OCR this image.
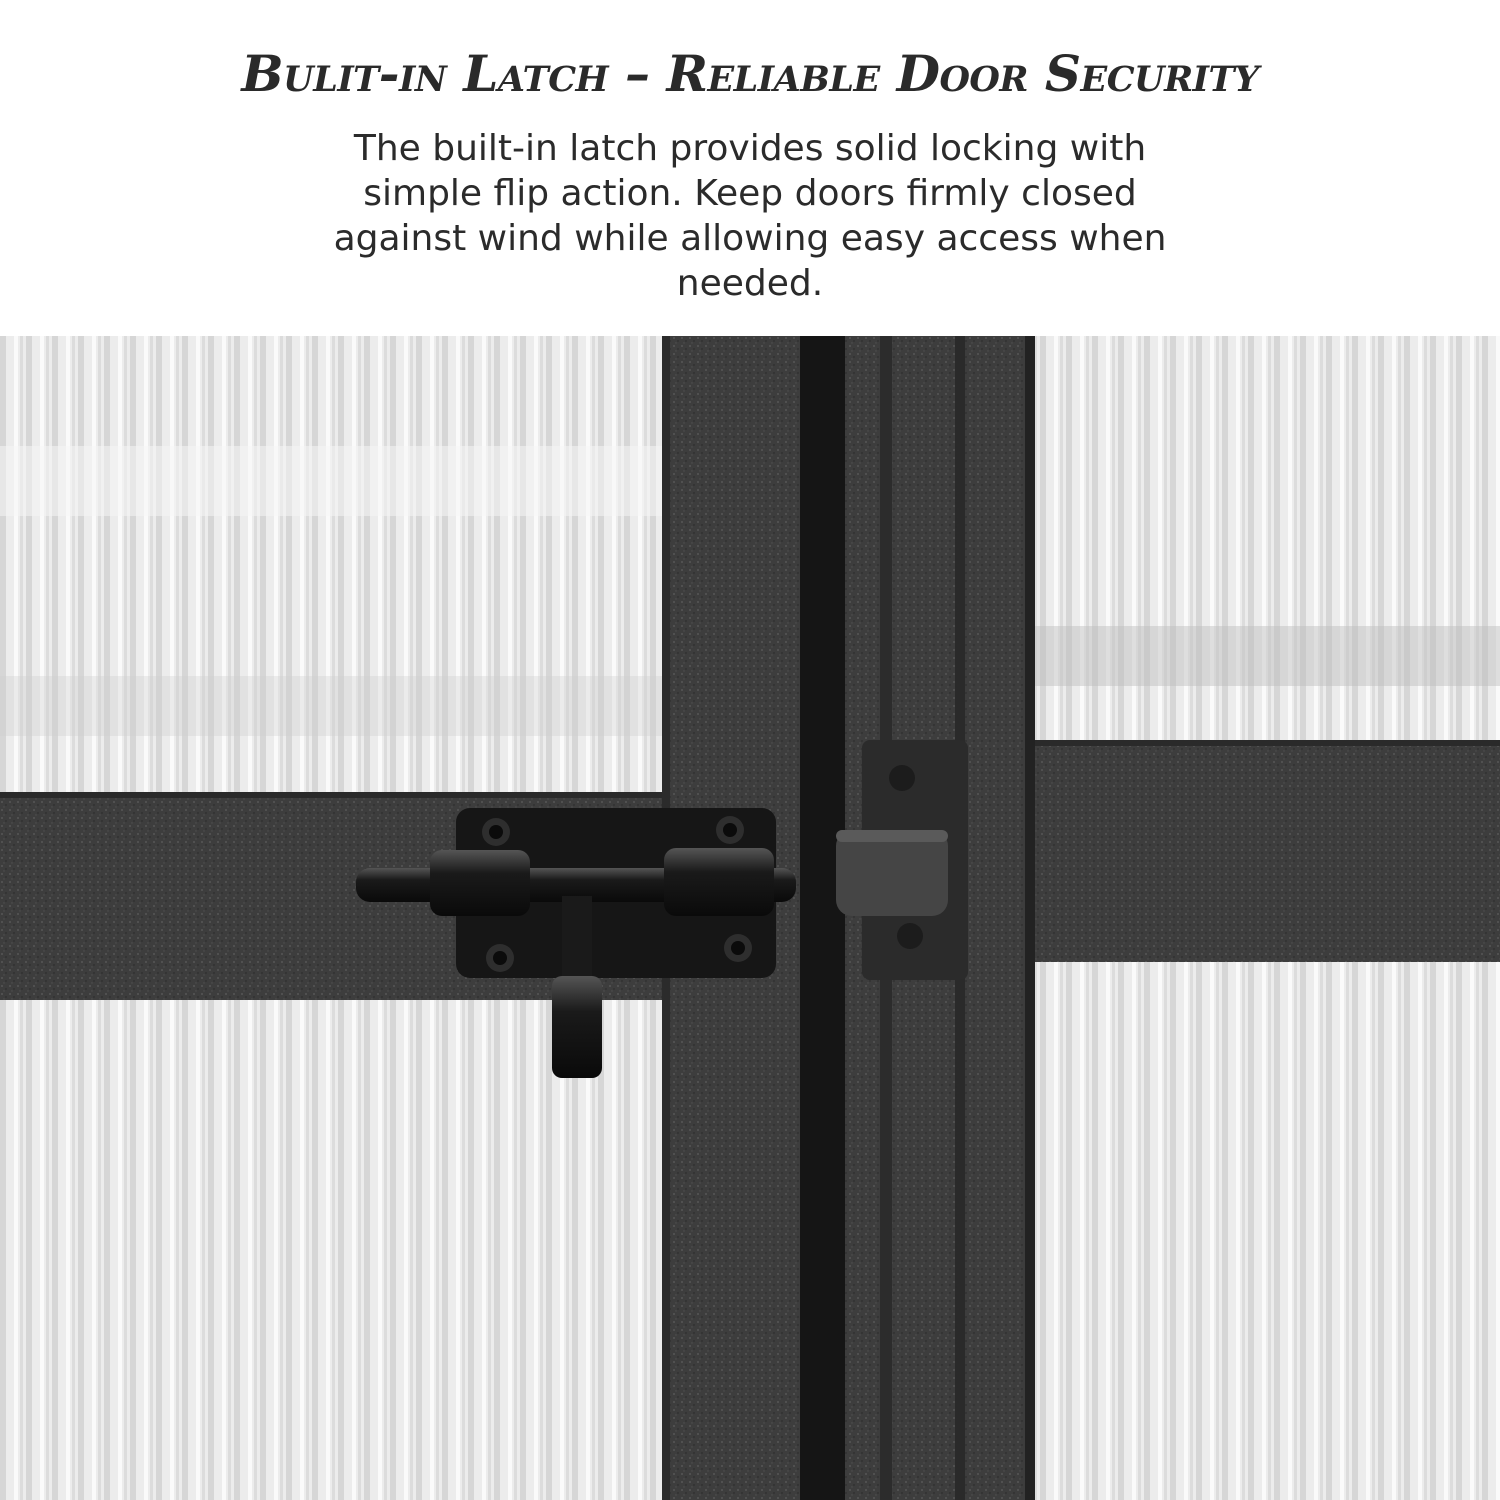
Bulit-in Latch – Reliable Door Security
The built-in latch provides solid locking with simple flip action. Keep doors firmly closed against wind while allowing easy access when needed.
